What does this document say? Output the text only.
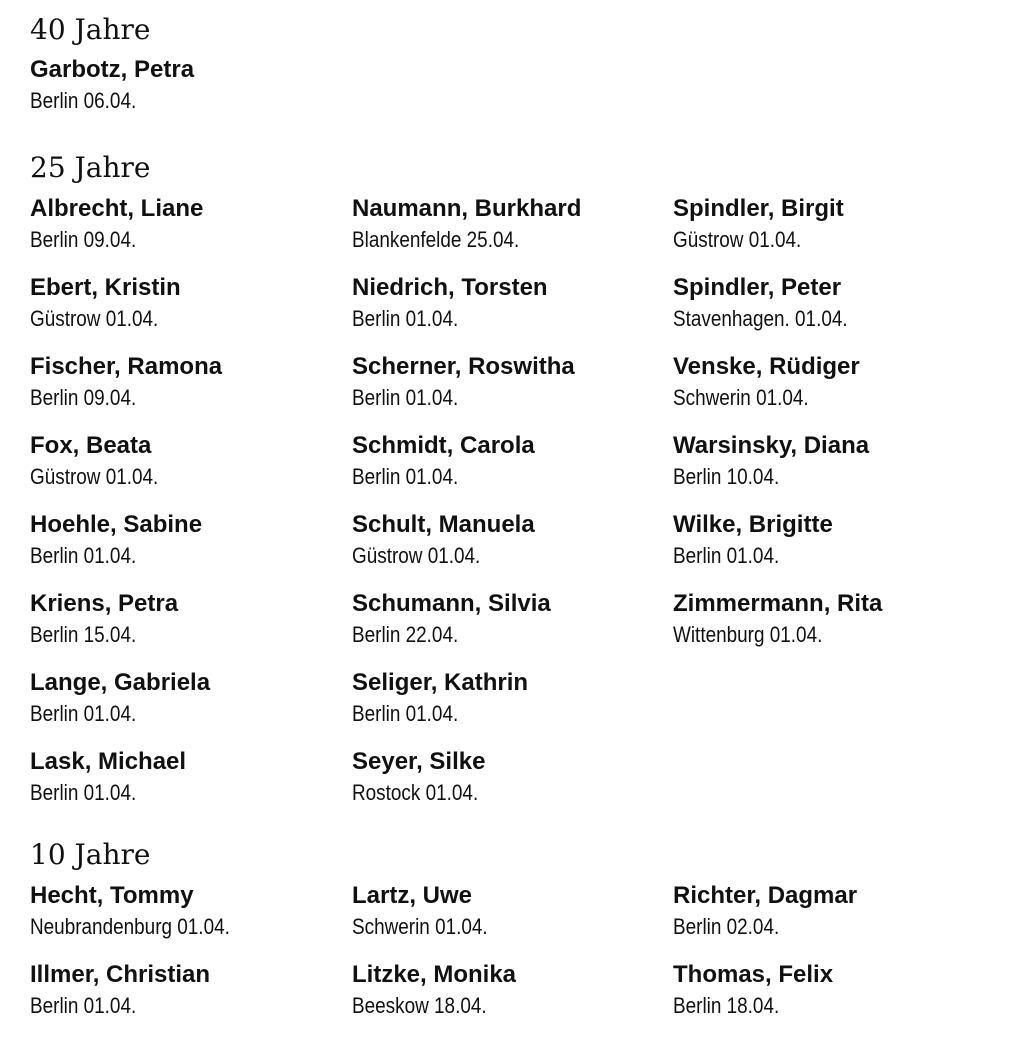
40 Jahre
Garbotz, Petra
Berlin 06.04.
25 Jahre
Albrecht, Liane
Berlin 09.04.
Ebert, Kristin
Güstrow 01.04.
Fischer, Ramona
Berlin 09.04.
Fox, Beata
Güstrow 01.04.
Hoehle, Sabine
Berlin 01.04.
Kriens, Petra
Berlin 15.04.
Lange, Gabriela
Berlin 01.04.
Lask, Michael
Berlin 01.04.
Naumann, Burkhard
Blankenfelde 25.04.
Niedrich, Torsten
Berlin 01.04.
Scherner, Roswitha
Berlin 01.04.
Schmidt, Carola
Berlin 01.04.
Schult, Manuela
Güstrow 01.04.
Schumann, Silvia
Berlin 22.04.
Seliger, Kathrin
Berlin 01.04.
Seyer, Silke
Rostock 01.04.
Spindler, Birgit
Güstrow 01.04.
Spindler, Peter
Stavenhagen. 01.04.
Venske, Rüdiger
Schwerin 01.04.
Warsinsky, Diana
Berlin 10.04.
Wilke, Brigitte
Berlin 01.04.
Zimmermann, Rita
Wittenburg 01.04.
10 Jahre
Hecht, Tommy
Neubrandenburg 01.04.
Illmer, Christian
Berlin 01.04.
Lartz, Uwe
Schwerin 01.04.
Litzke, Monika
Beeskow 18.04.
Richter, Dagmar
Berlin 02.04.
Thomas, Felix
Berlin 18.04.
